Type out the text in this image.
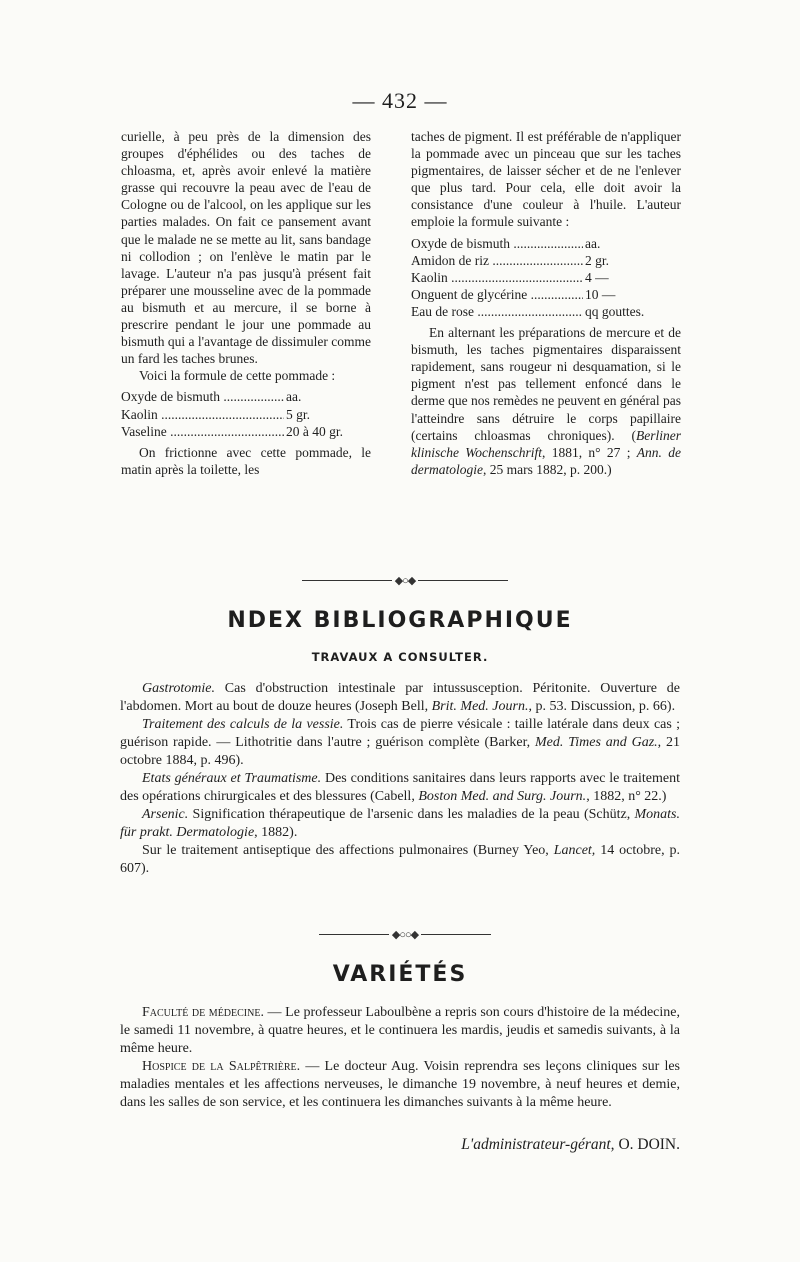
— 432 —

curielle, à peu près de la dimension des groupes d'éphélides ou des taches de chloasma, et, après avoir enlevé la matière grasse qui recouvre la peau avec de l'eau de Cologne ou de l'alcool, on les applique sur les parties malades. On fait ce pansement avant que le malade ne se mette au lit, sans bandage ni collodion ; on l'enlève le matin par le lavage. L'auteur n'a pas jusqu'à présent fait préparer une mousseline avec de la pommade au bismuth et au mercure, il se borne à prescrire pendant le jour une pommade au bismuth qui a l'avantage de dissimuler comme un fard les taches brunes.

Voici la formule de cette pommade :

Oxyde de bismuth .....	aa.
Kaolin .....	5 gr.
Vaseline .....	20 à 40 gr.

On frictionne avec cette pommade, le matin après la toilette, les

taches de pigment. Il est préférable de n'appliquer la pommade avec un pinceau que sur les taches pigmentaires, de laisser sécher et de ne l'enlever que plus tard. Pour cela, elle doit avoir la consistance d'une couleur à l'huile. L'auteur emploie la formule suivante :

Oxyde de bismuth .....	aa.
Amidon de riz .....	2 gr.
Kaolin .....	4 —
Onguent de glycérine .....	10 —
Eau de rose .....	qq gouttes.

En alternant les préparations de mercure et de bismuth, les taches pigmentaires disparaissent rapidement, sans rougeur ni desquamation, si le pigment n'est pas tellement enfoncé dans le derme que nos remèdes ne peuvent en général pas l'atteindre sans détruire le corps papillaire (certains chloasmas chroniques). (Berliner klinische Wochenschrift, 1881, n° 27 ; Ann. de dermatologie, 25 mars 1882, p. 200.)

◆○◆
NDEX BIBLIOGRAPHIQUE
TRAVAUX A CONSULTER.

Gastrotomie. Cas d'obstruction intestinale par intussusception. Péritonite. Ouverture de l'abdomen. Mort au bout de douze heures (Joseph Bell, Brit. Med. Journ., p. 53. Discussion, p. 66).

Traitement des calculs de la vessie. Trois cas de pierre vésicale : taille latérale dans deux cas ; guérison rapide. — Lithotritie dans l'autre ; guérison complète (Barker, Med. Times and Gaz., 21 octobre 1884, p. 496).

Etats généraux et Traumatisme. Des conditions sanitaires dans leurs rapports avec le traitement des opérations chirurgicales et des blessures (Cabell, Boston Med. and Surg. Journ., 1882, n° 22.)

Arsenic. Signification thérapeutique de l'arsenic dans les maladies de la peau (Schütz, Monats. für prakt. Dermatologie, 1882).

Sur le traitement antiseptique des affections pulmonaires (Burney Yeo, Lancet, 14 octobre, p. 607).

◆○○◆
VARIÉTÉS

Faculté de médecine. — Le professeur Laboulbène a repris son cours d'histoire de la médecine, le samedi 11 novembre, à quatre heures, et le continuera les mardis, jeudis et samedis suivants, à la même heure.

Hospice de la Salpêtrière. — Le docteur Aug. Voisin reprendra ses leçons cliniques sur les maladies mentales et les affections nerveuses, le dimanche 19 novembre, à neuf heures et demie, dans les salles de son service, et les continuera les dimanches suivants à la même heure.

L'administrateur-gérant, O. DOIN.
